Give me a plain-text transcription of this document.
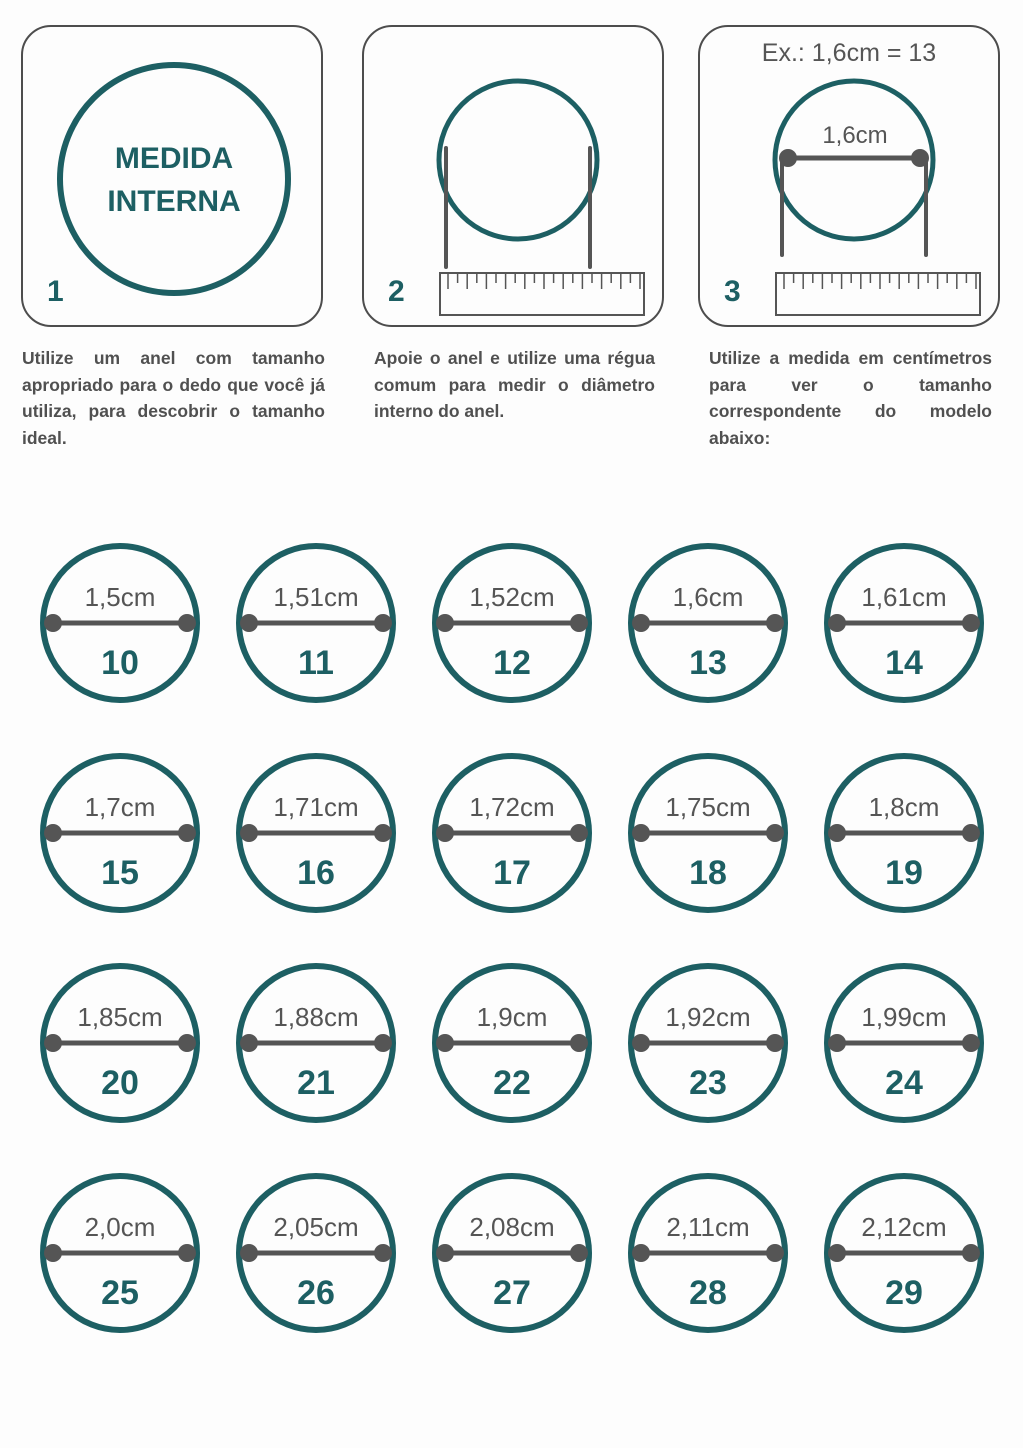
MEDIDA
INTERNA
1	2
Ex.: 1,6cm = 13
1,6cm
3
Utilize um anel com tamanho apropriado para o dedo que você já utiliza, para descobrir o tamanho ideal.
Apoie o anel e utilize uma régua comum para medir o diâmetro interno do anel.
Utilize a medida em centímetros para ver o tamanho correspondente do modelo abaixo:
1,5cm
10
1,51cm
11
1,52cm
12
1,6cm
13
1,61cm
14
1,7cm
15
1,71cm
16
1,72cm
17
1,75cm
18
1,8cm
19
1,85cm
20
1,88cm
21
1,9cm
22
1,92cm
23
1,99cm
24
2,0cm
25
2,05cm
26
2,08cm
27
2,11cm
28
2,12cm
29
